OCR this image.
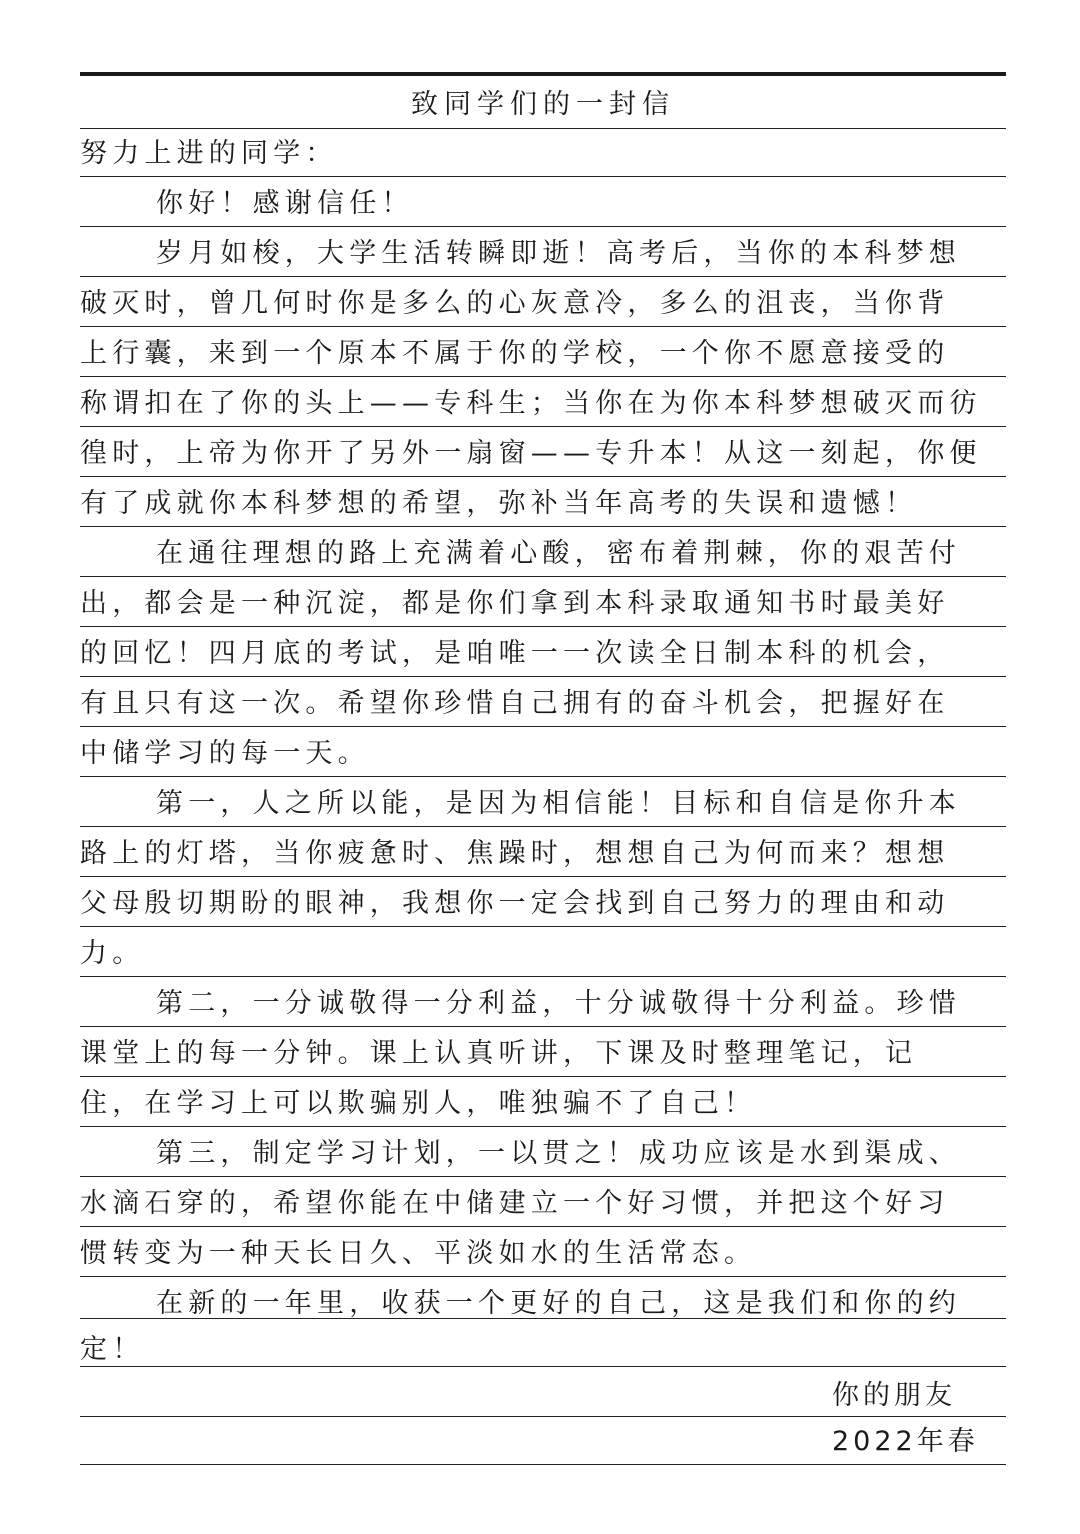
致同学们的一封信
努力上进的同学：
你好！感谢信任！
岁月如梭，大学生活转瞬即逝！高考后，当你的本科梦想
破灭时，曾几何时你是多么的心灰意冷，多么的沮丧，当你背
上行囊，来到一个原本不属于你的学校，一个你不愿意接受的
称谓扣在了你的头上——专科生；当你在为你本科梦想破灭而彷
徨时，上帝为你开了另外一扇窗——专升本！从这一刻起，你便
有了成就你本科梦想的希望，弥补当年高考的失误和遗憾！
在通往理想的路上充满着心酸，密布着荆棘，你的艰苦付
出，都会是一种沉淀，都是你们拿到本科录取通知书时最美好
的回忆！四月底的考试，是咱唯一一次读全日制本科的机会，
有且只有这一次。希望你珍惜自己拥有的奋斗机会，把握好在
中储学习的每一天。
第一，人之所以能，是因为相信能！目标和自信是你升本
路上的灯塔，当你疲惫时、焦躁时，想想自己为何而来？想想
父母殷切期盼的眼神，我想你一定会找到自己努力的理由和动
力。
第二，一分诚敬得一分利益，十分诚敬得十分利益。珍惜
课堂上的每一分钟。课上认真听讲，下课及时整理笔记，记
住，在学习上可以欺骗别人，唯独骗不了自己！
第三，制定学习计划，一以贯之！成功应该是水到渠成、
水滴石穿的，希望你能在中储建立一个好习惯，并把这个好习
惯转变为一种天长日久、平淡如水的生活常态。
在新的一年里，收获一个更好的自己，这是我们和你的约
定！
你的朋友
2022年春
